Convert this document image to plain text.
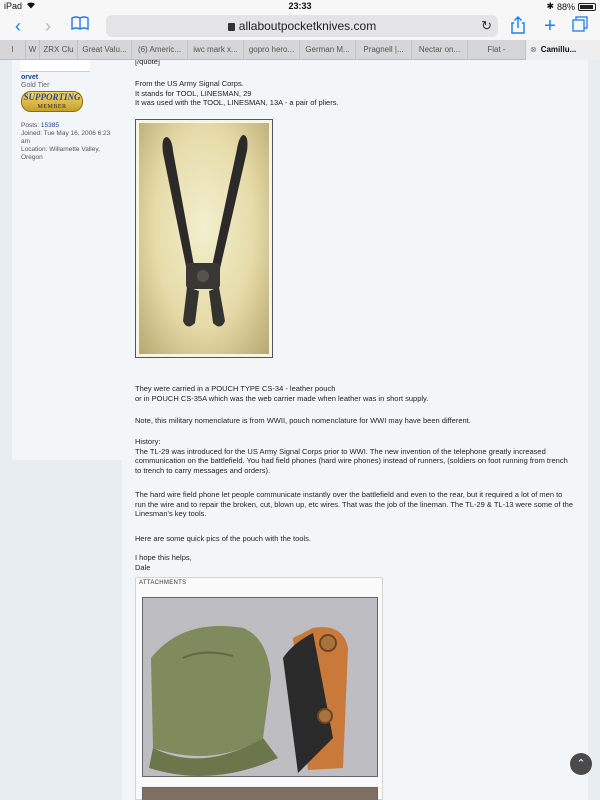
iPad	23:33	✱ 88%
‹	›	allaboutpocketknives.com	↻	+
I	W ZRX Clu	Great Valu...	(6) Americ...	iwc mark x...	gopro hero...	German M...	Pragnell |...	Nectar on...	Flat -	⊗ Camillu...
orvet
Gold Tier
SUPPORTING
MEMBER
Posts: 15385
Joined: Tue May 16, 2006 6:23 am
Location: Willamette Valley, Oregon
[/quote]
From the US Army Signal Corps.
It stands for TOOL, LINESMAN, 29
It was used with the TOOL, LINESMAN, 13A - a pair of pliers.
They were carried in a POUCH TYPE CS-34 - leather pouch
or in POUCH CS-35A which was the web carrier made when leather was in short supply.
Note, this military nomenclature is from WWII, pouch nomenclature for WWI may have been different.
History:
The TL-29 was introduced for the US Army Signal Corps prior to WWI. The new invention of the telephone greatly increased communication on the battlefield. You had field phones (hard wire phones) instead of runners, (soldiers on foot running from trench to trench to carry messages and orders).
The hard wire field phone let people communicate instantly over the battlefield and even to the rear, but it required a lot of men to run the wire and to repair the broken, cut, blown up, etc wires. That was the job of the lineman. The TL-29 & TL-13 were some of the Linesman's key tools.
Here are some quick pics of the pouch with the tools.
I hope this helps,
Dale
ATTACHMENTS
⌃
